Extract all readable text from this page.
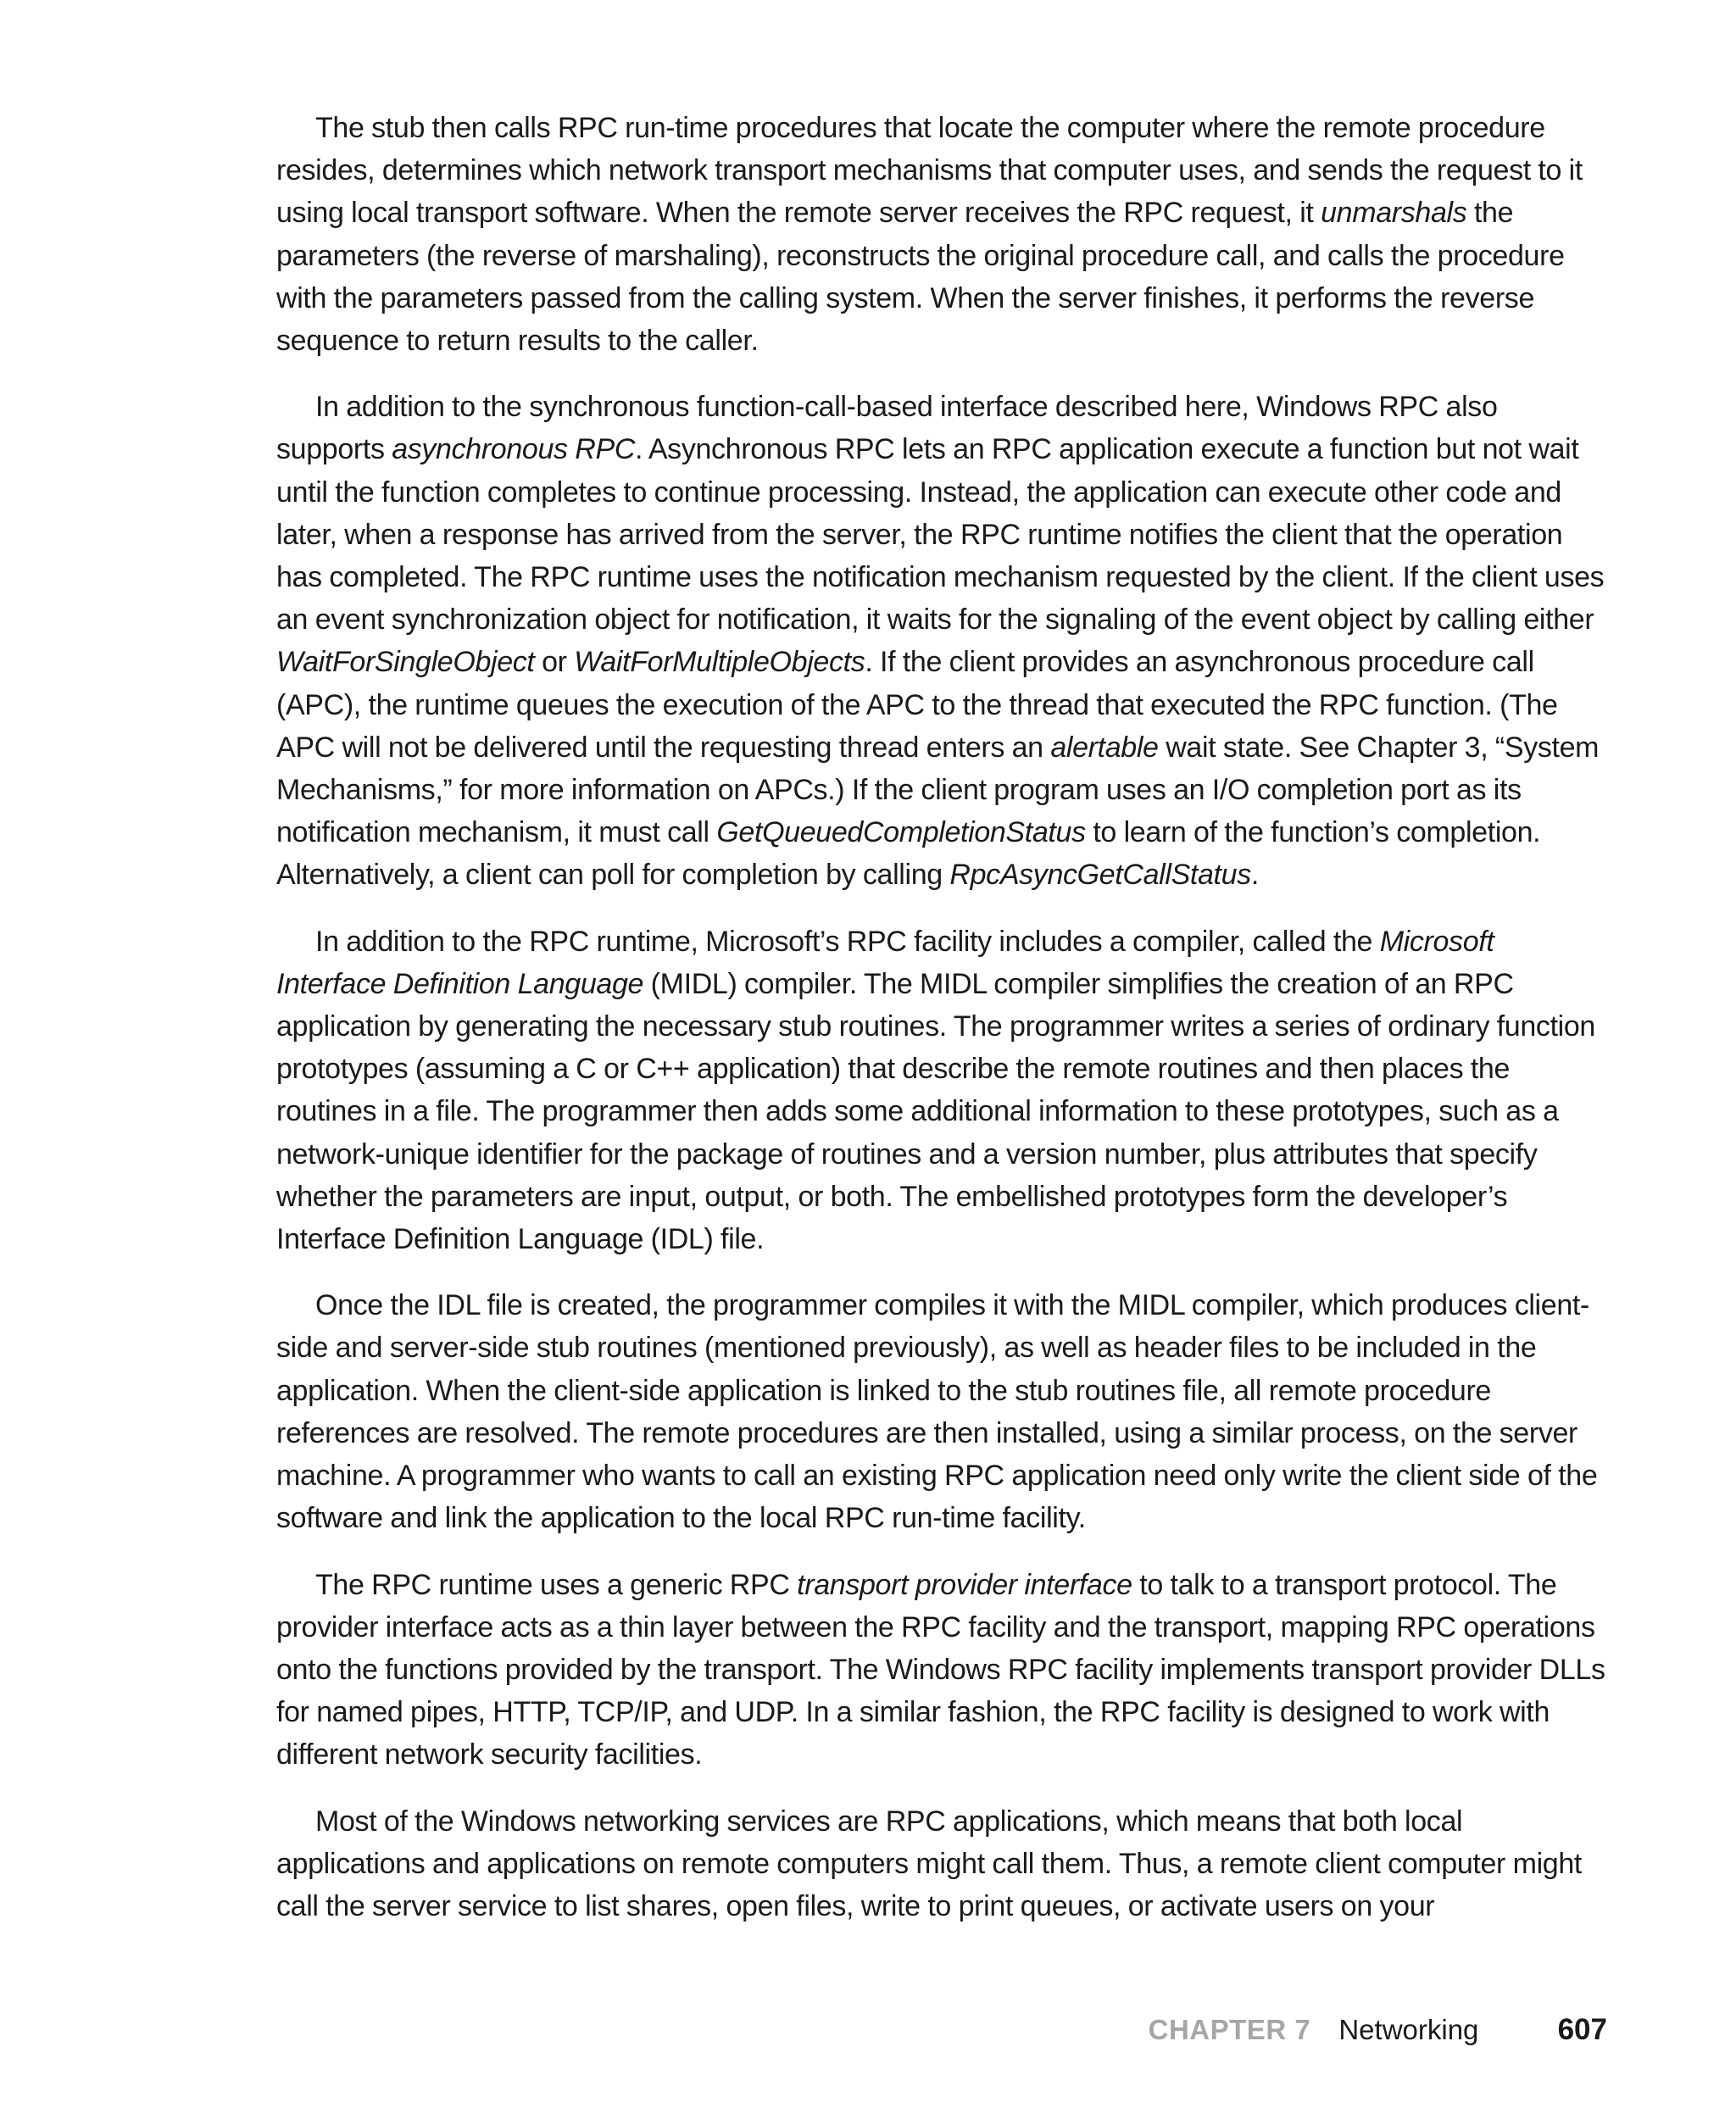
The stub then calls RPC run-time procedures that locate the computer where the remote procedure resides, determines which network transport mechanisms that computer uses, and sends the request to it using local transport software. When the remote server receives the RPC request, it unmarshals the parameters (the reverse of marshaling), reconstructs the original procedure call, and calls the procedure with the parameters passed from the calling system. When the server finishes, it performs the reverse sequence to return results to the caller.

In addition to the synchronous function-call-based interface described here, Windows RPC also supports asynchronous RPC. Asynchronous RPC lets an RPC application execute a function but not wait until the function completes to continue processing. Instead, the application can execute other code and later, when a response has arrived from the server, the RPC runtime notifies the client that the operation has completed. The RPC runtime uses the notification mechanism requested by the client. If the client uses an event synchronization object for notification, it waits for the signaling of the event object by calling either WaitForSingleObject or WaitForMultipleObjects. If the client provides an asynchronous procedure call (APC), the runtime queues the execution of the APC to the thread that executed the RPC function. (The APC will not be delivered until the requesting thread enters an alertable wait state. See Chapter 3, “System Mechanisms,” for more information on APCs.) If the client program uses an I/O completion port as its notification mechanism, it must call GetQueuedCompletionStatus to learn of the function’s completion. Alternatively, a client can poll for completion by calling RpcAsyncGetCallStatus.

In addition to the RPC runtime, Microsoft’s RPC facility includes a compiler, called the Microsoft Interface Definition Language (MIDL) compiler. The MIDL compiler simplifies the creation of an RPC application by generating the necessary stub routines. The programmer writes a series of ordinary function prototypes (assuming a C or C++ application) that describe the remote routines and then places the routines in a file. The programmer then adds some additional information to these prototypes, such as a network-unique identifier for the package of routines and a version number, plus attributes that specify whether the parameters are input, output, or both. The embellished prototypes form the developer’s Interface Definition Language (IDL) file.

Once the IDL file is created, the programmer compiles it with the MIDL compiler, which produces client-side and server-side stub routines (mentioned previously), as well as header files to be included in the application. When the client-side application is linked to the stub routines file, all remote procedure references are resolved. The remote procedures are then installed, using a similar process, on the server machine. A programmer who wants to call an existing RPC application need only write the client side of the software and link the application to the local RPC run-time facility.

The RPC runtime uses a generic RPC transport provider interface to talk to a transport protocol. The provider interface acts as a thin layer between the RPC facility and the transport, mapping RPC operations onto the functions provided by the transport. The Windows RPC facility implements transport provider DLLs for named pipes, HTTP, TCP/IP, and UDP. In a similar fashion, the RPC facility is designed to work with different network security facilities.

Most of the Windows networking services are RPC applications, which means that both local applications and applications on remote computers might call them. Thus, a remote client computer might call the server service to list shares, open files, write to print queues, or activate users on your

CHAPTER 7 Networking	607
